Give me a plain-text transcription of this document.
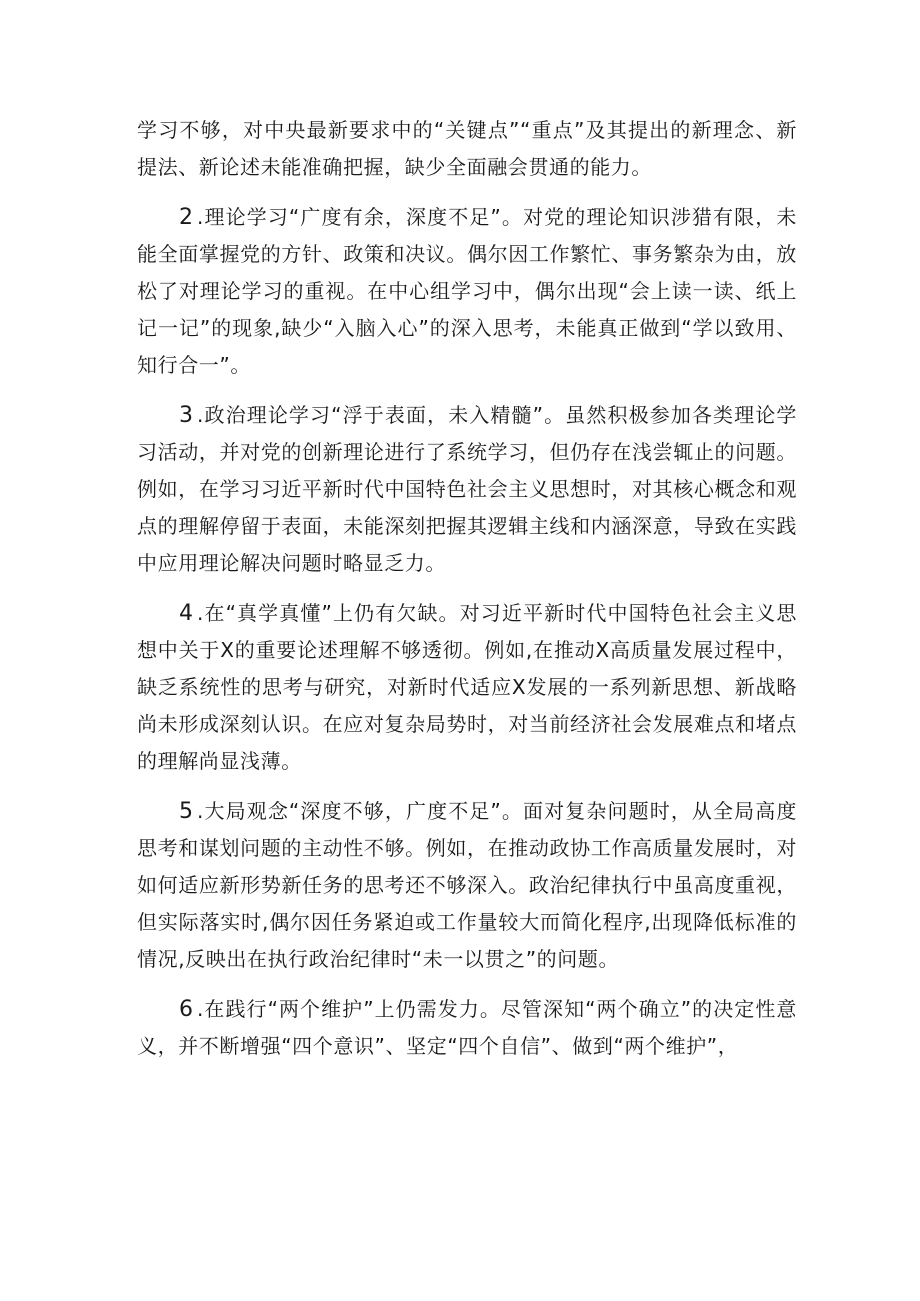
学习不够，对中央最新要求中的“关键点”“重点”及其提出的新理念、新提法、新论述未能准确把握，缺少全面融会贯通的能力。

2.理论学习“广度有余，深度不足”。对党的理论知识涉猎有限，未能全面掌握党的方针、政策和决议。偶尔因工作繁忙、事务繁杂为由，放松了对理论学习的重视。在中心组学习中，偶尔出现“会上读一读、纸上记一记”的现象,缺少“入脑入心”的深入思考，未能真正做到“学以致用、知行合一”。

3.政治理论学习“浮于表面，未入精髓”。虽然积极参加各类理论学习活动，并对党的创新理论进行了系统学习，但仍存在浅尝辄止的问题。例如，在学习习近平新时代中国特色社会主义思想时，对其核心概念和观点的理解停留于表面，未能深刻把握其逻辑主线和内涵深意，导致在实践中应用理论解决问题时略显乏力。

4.在“真学真懂”上仍有欠缺。对习近平新时代中国特色社会主义思想中关于X的重要论述理解不够透彻。例如,在推动X高质量发展过程中，缺乏系统性的思考与研究，对新时代适应X发展的一系列新思想、新战略尚未形成深刻认识。在应对复杂局势时，对当前经济社会发展难点和堵点的理解尚显浅薄。

5.大局观念“深度不够，广度不足”。面对复杂问题时，从全局高度思考和谋划问题的主动性不够。例如，在推动政协工作高质量发展时，对如何适应新形势新任务的思考还不够深入。政治纪律执行中虽高度重视，但实际落实时,偶尔因任务紧迫或工作量较大而简化程序,出现降低标准的情况,反映出在执行政治纪律时“未一以贯之”的问题。

6.在践行“两个维护”上仍需发力。尽管深知“两个确立”的决定性意义，并不断增强“四个意识”、坚定“四个自信”、做到“两个维护”，
